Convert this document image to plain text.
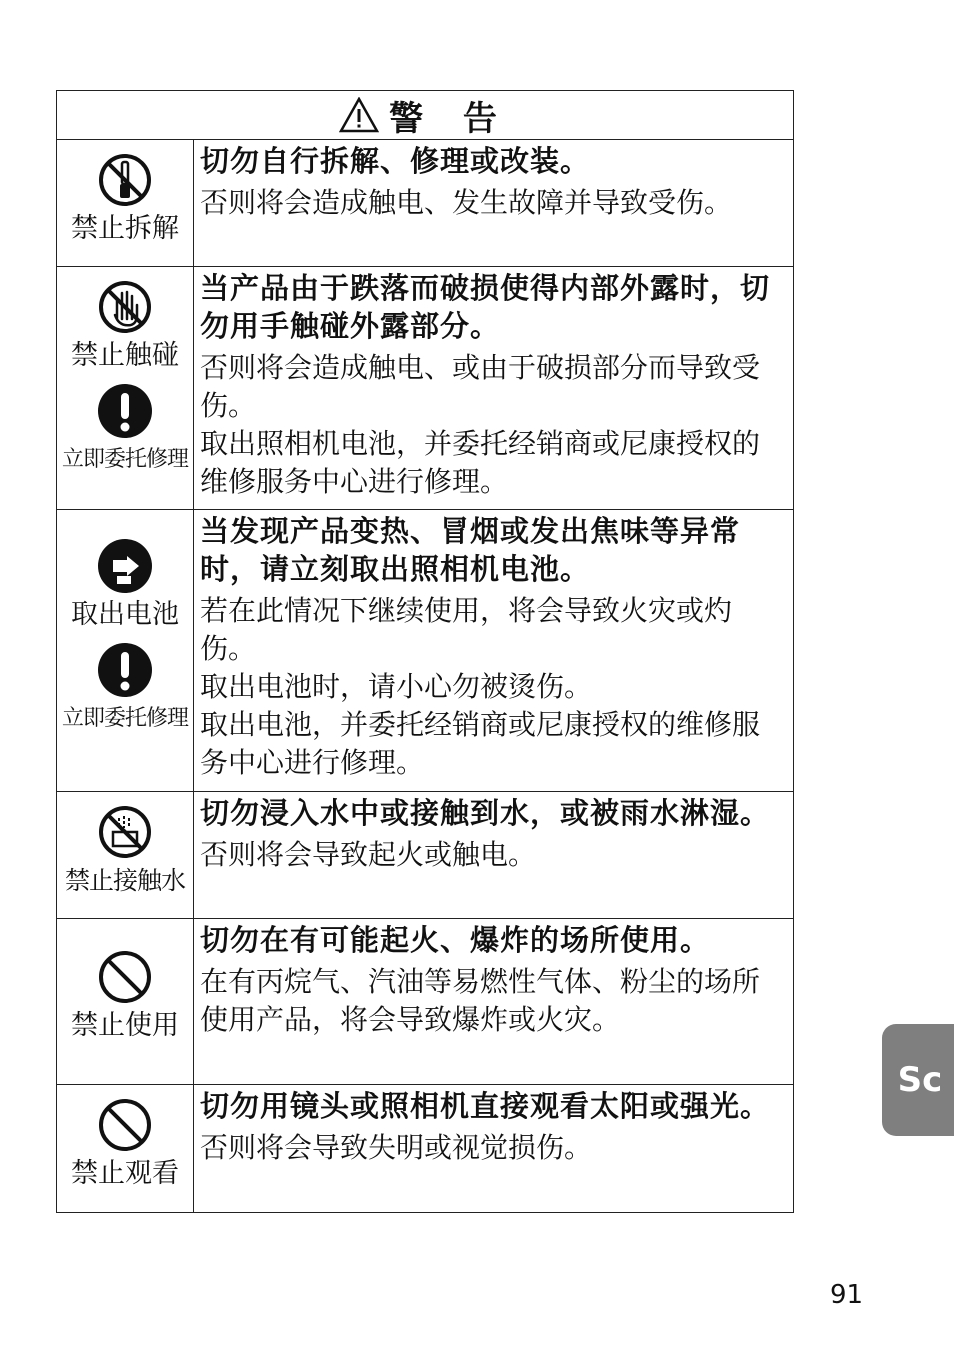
警 告
禁止拆解
切勿自行拆解、修理或改装。
否则将会造成触电、发生故障并导致受伤。
禁止触碰
立即委托修理
当产品由于跌落而破损使得内部外露时，切勿用手触碰外露部分。
否则将会造成触电、或由于破损部分而导致受伤。
取出照相机电池，并委托经销商或尼康授权的维修服务中心进行修理。
取出电池
立即委托修理
当发现产品变热、冒烟或发出焦味等异常时，请立刻取出照相机电池。
若在此情况下继续使用，将会导致火灾或灼伤。
取出电池时，请小心勿被烫伤。
取出电池，并委托经销商或尼康授权的维修服务中心进行修理。
禁止接触水
切勿浸入水中或接触到水，或被雨水淋湿。
否则将会导致起火或触电。
禁止使用
切勿在有可能起火、爆炸的场所使用。
在有丙烷气、汽油等易燃性气体、粉尘的场所使用产品，将会导致爆炸或火灾。
禁止观看
切勿用镜头或照相机直接观看太阳或强光。
否则将会导致失明或视觉损伤。
Sc
91
